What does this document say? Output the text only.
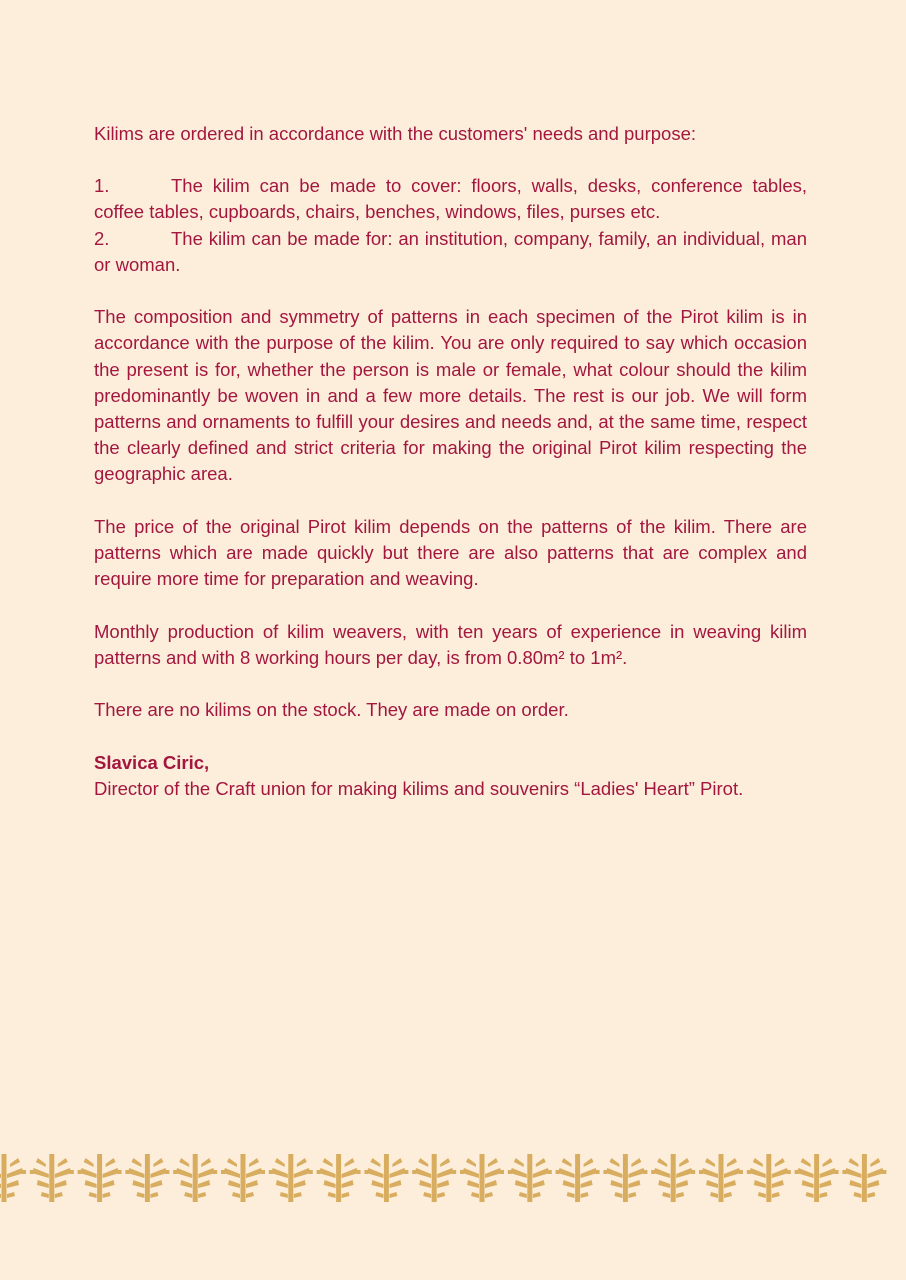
Kilims are ordered in accordance with the customers' needs and purpose:

1.	The kilim can be made to cover: floors, walls, desks, conference tables, coffee tables, cupboards, chairs, benches, windows, files, purses etc.

2.	The kilim can be made for: an institution, company, family, an individual, man or woman.

The composition and symmetry of patterns in each specimen of the Pirot kilim is in accordance with the purpose of the kilim. You are only required to say which occasion the present is for, whether the person is male or female, what colour should the kilim predominantly be woven in and a few more details. The rest is our job. We will form patterns and ornaments to fulfill your desires and needs and, at the same time, respect the clearly defined and strict criteria for making the original Pirot kilim respecting the geographic area.

The price of the original Pirot kilim depends on the patterns of the kilim. There are patterns which are made quickly but there are also patterns that are complex and require more time for preparation and weaving.

Monthly production of kilim weavers, with ten years of experience in weaving kilim patterns and with 8 working hours per day, is from 0.80m² to 1m².

There are no kilims on the stock. They are made on order.

Slavica Ciric,

Director of the Craft union for making kilims and souvenirs “Ladies' Heart” Pirot.
